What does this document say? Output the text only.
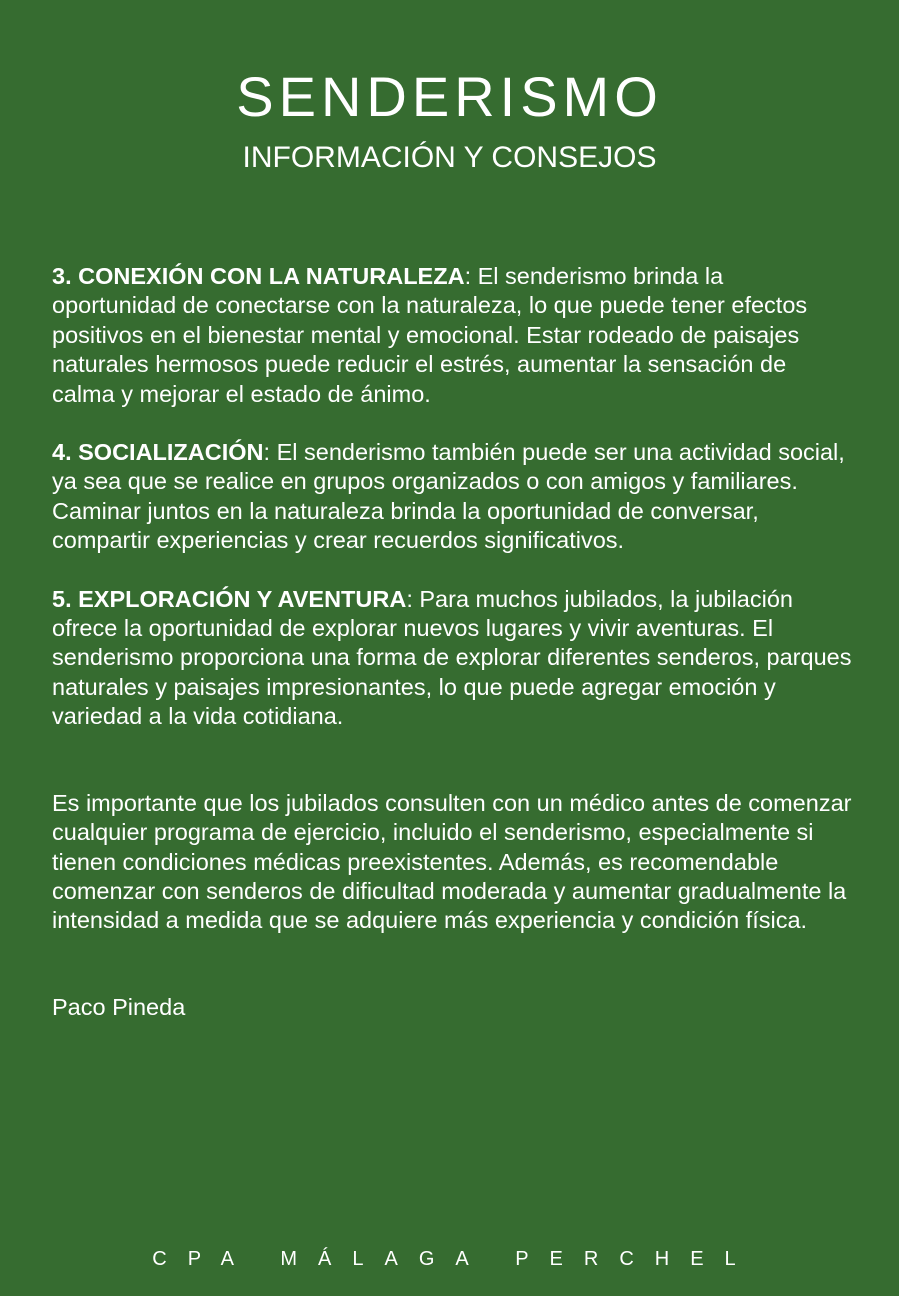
SENDERISMO
INFORMACIÓN Y CONSEJOS

3. CONEXIÓN CON LA NATURALEZA: El senderismo brinda la oportunidad de conectarse con la naturaleza, lo que puede tener efectos positivos en el bienestar mental y emocional. Estar rodeado de paisajes naturales hermosos puede reducir el estrés, aumentar la sensación de calma y mejorar el estado de ánimo.

4. SOCIALIZACIÓN: El senderismo también puede ser una actividad social, ya sea que se realice en grupos organizados o con amigos y familiares. Caminar juntos en la naturaleza brinda la oportunidad de conversar, compartir experiencias y crear recuerdos significativos.

5. EXPLORACIÓN Y AVENTURA: Para muchos jubilados, la jubilación ofrece la oportunidad de explorar nuevos lugares y vivir aventuras. El senderismo proporciona una forma de explorar diferentes senderos, parques naturales y paisajes impresionantes, lo que puede agregar emoción y variedad a la vida cotidiana.

Es importante que los jubilados consulten con un médico antes de comenzar cualquier programa de ejercicio, incluido el senderismo, especialmente si tienen condiciones médicas preexistentes. Además, es recomendable comenzar con senderos de dificultad moderada y aumentar gradualmente la intensidad a medida que se adquiere más experiencia y condición física.

Paco Pineda

CPA MÁLAGA PERCHEL
